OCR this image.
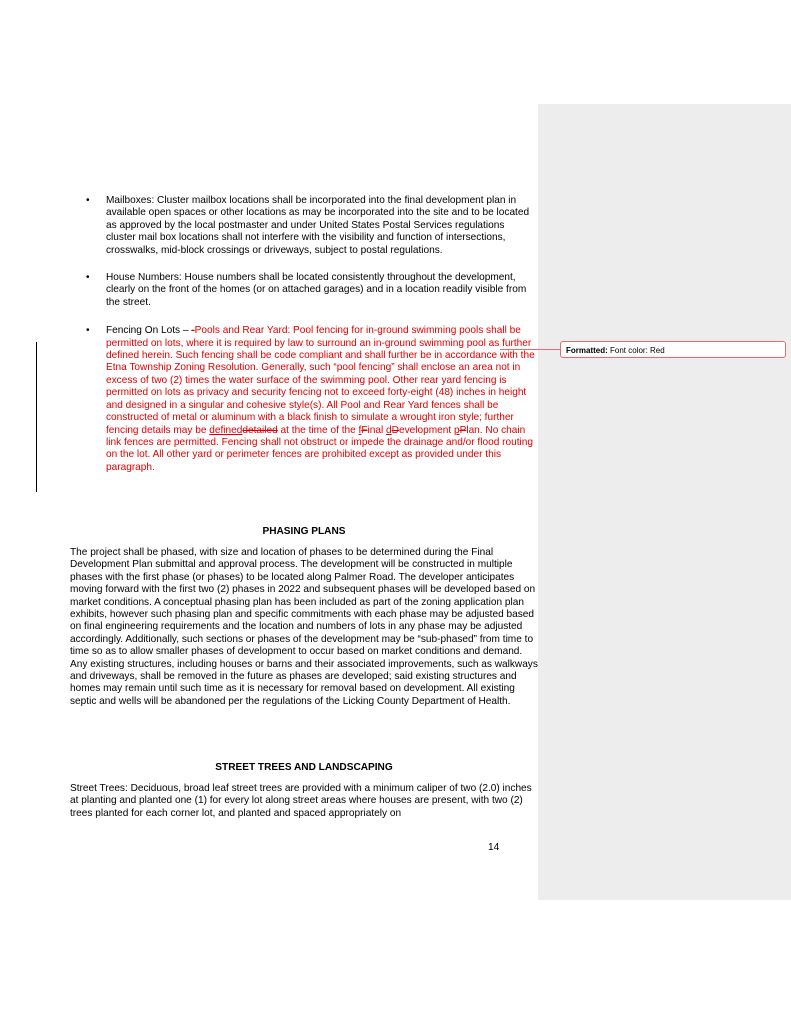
Formatted: Font color: Red
• Mailboxes: Cluster mailbox locations shall be incorporated into the final development plan in available open spaces or other locations as may be incorporated into the site and to be located as approved by the local postmaster and under United States Postal Services regulations cluster mail box locations shall not interfere with the visibility and function of intersections, crosswalks, mid-block crossings or driveways, subject to postal regulations.
• House Numbers: House numbers shall be located consistently throughout the development, clearly on the front of the homes (or on attached garages) and in a location readily visible from the street.
• Fencing On Lots – -Pools and Rear Yard: Pool fencing for in-ground swimming pools shall be permitted on lots, where it is required by law to surround an in-ground swimming pool as further defined herein. Such fencing shall be code compliant and shall further be in accordance with the Etna Township Zoning Resolution. Generally, such “pool fencing” shall enclose an area not in excess of two (2) times the water surface of the swimming pool. Other rear yard fencing is permitted on lots as privacy and security fencing not to exceed forty-eight (48) inches in height and designed in a singular and cohesive style(s). All Pool and Rear Yard fences shall be constructed of metal or aluminum with a black finish to simulate a wrought iron style; further fencing details may be defineddetailed at the time of the fFinal dDevelopment pPlan. No chain link fences are permitted. Fencing shall not obstruct or impede the drainage and/or flood routing on the lot. All other yard or perimeter fences are prohibited except as provided under this paragraph.
PHASING PLANS
The project shall be phased, with size and location of phases to be determined during the Final Development Plan submittal and approval process. The development will be constructed in multiple phases with the first phase (or phases) to be located along Palmer Road. The developer anticipates moving forward with the first two (2) phases in 2022 and subsequent phases will be developed based on market conditions. A conceptual phasing plan has been included as part of the zoning application plan exhibits, however such phasing plan and specific commitments with each phase may be adjusted based on final engineering requirements and the location and numbers of lots in any phase may be adjusted accordingly. Additionally, such sections or phases of the development may be “sub-phased” from time to time so as to allow smaller phases of development to occur based on market conditions and demand. Any existing structures, including houses or barns and their associated improvements, such as walkways and driveways, shall be removed in the future as phases are developed; said existing structures and homes may remain until such time as it is necessary for removal based on development. All existing septic and wells will be abandoned per the regulations of the Licking County Department of Health.
STREET TREES AND LANDSCAPING
Street Trees: Deciduous, broad leaf street trees are provided with a minimum caliper of two (2.0) inches at planting and planted one (1) for every lot along street areas where houses are present, with two (2) trees planted for each corner lot, and planted and spaced appropriately on
14
